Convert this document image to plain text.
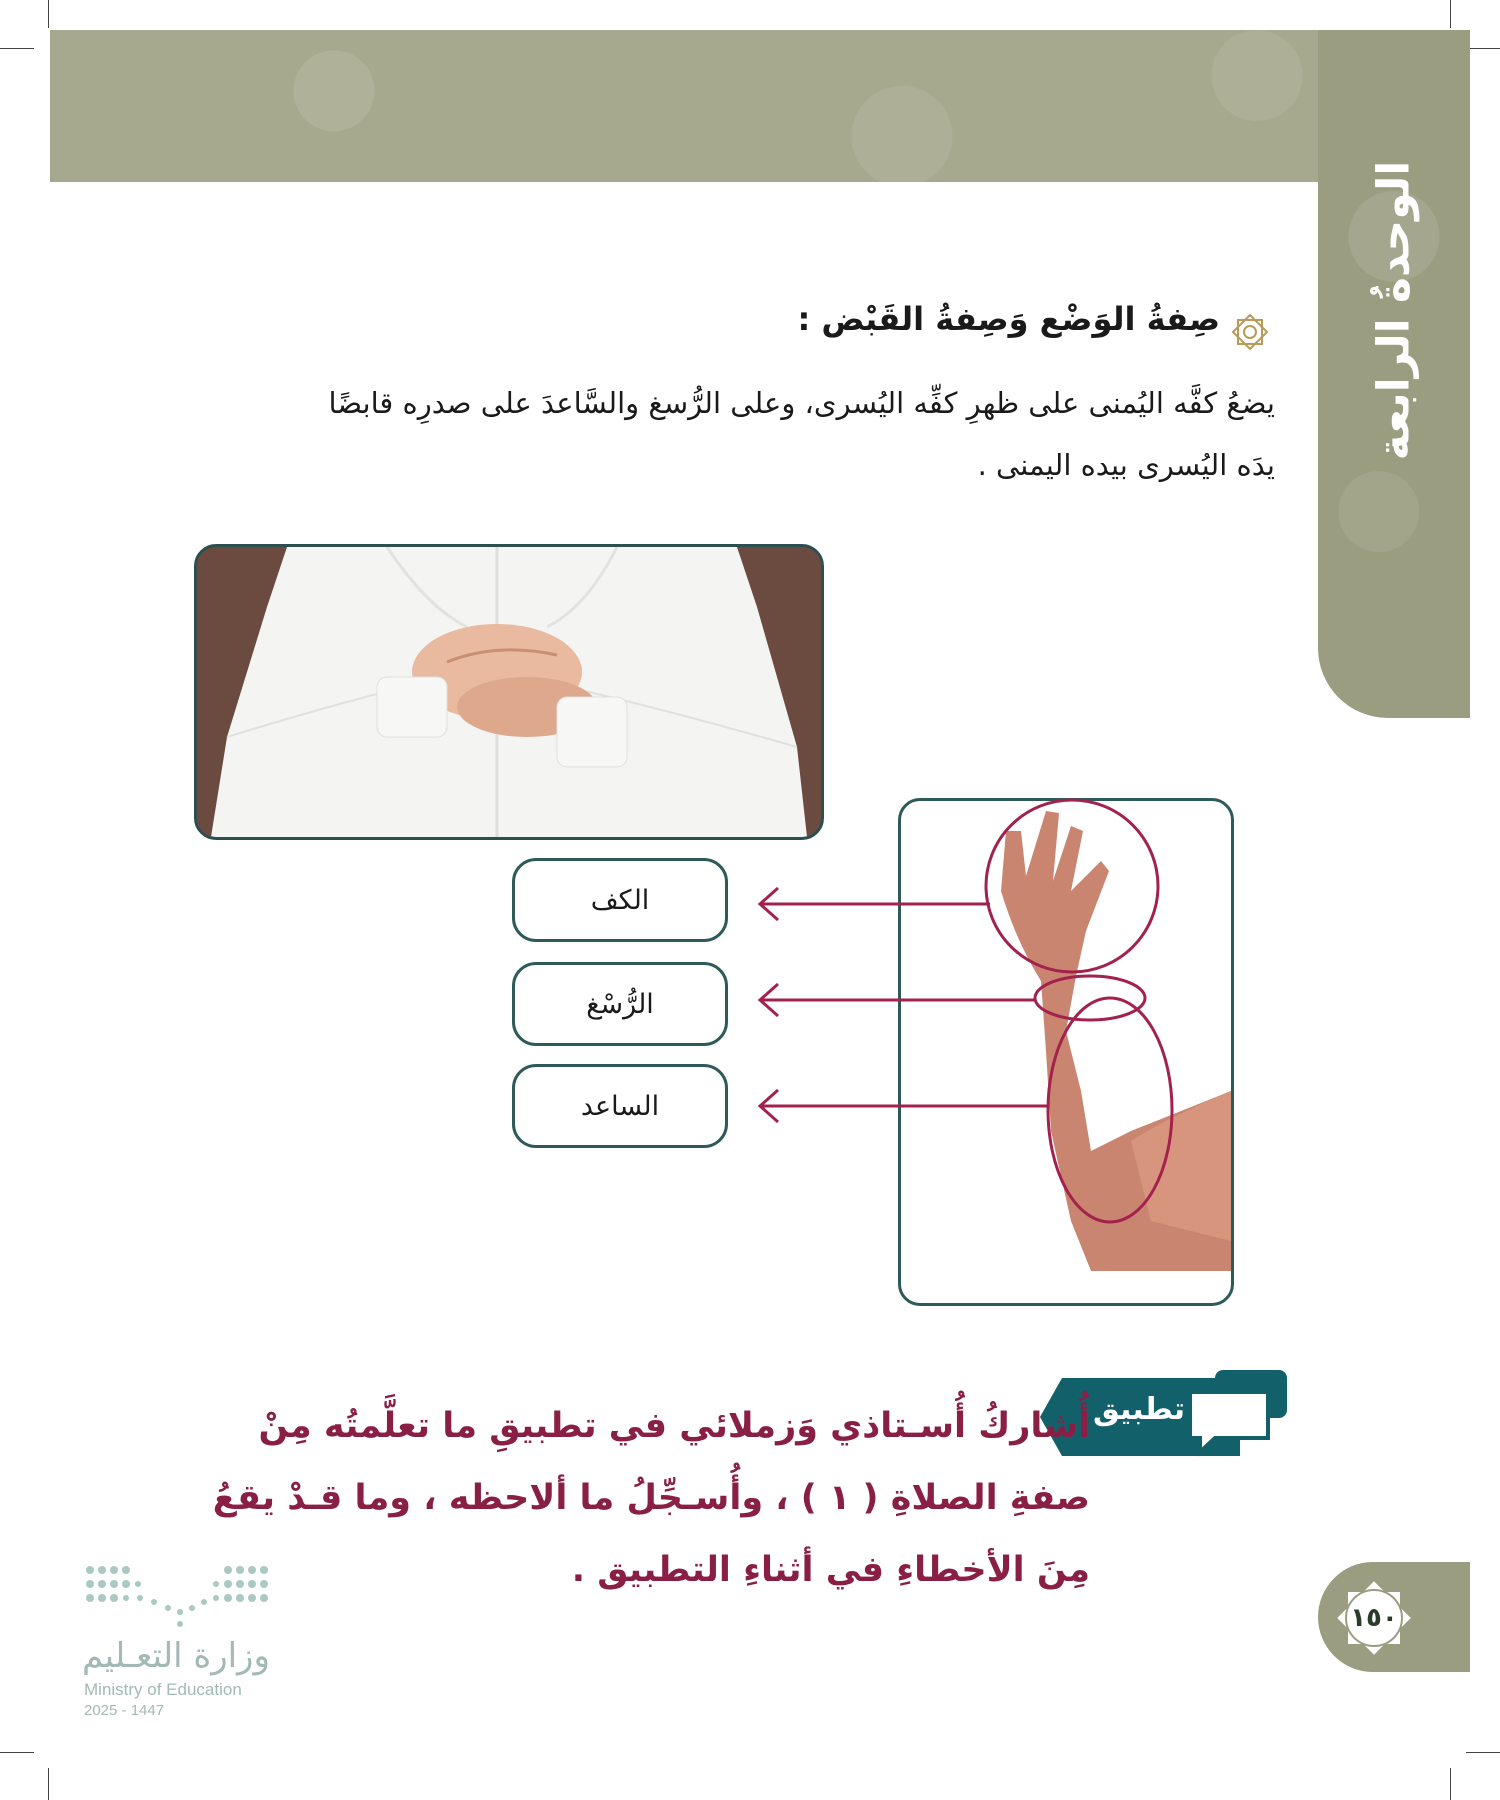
الوحدةُ الرابعة
صِفةُ الوَضْع وَصِفةُ القَبْض :
يضعُ كفَّه اليُمنى على ظهرِ كفِّه اليُسرى، وعلى الرُّسغ والسَّاعدَ على صدرِه قابضًا يدَه اليُسرى بيده اليمنى .
الكف
الرُّسْغ
الساعد
تطبيق
أُشاركُ أُسـتاذي وَزملائي في تطبيقِ ما تعلَّمتُه مِنْ صفةِ الصلاةِ ( ١ ) ، وأُسـجِّلُ ما ألاحظه ، وما قـدْ يقعُ مِنَ الأخطاءِ في أثناءِ التطبيق .
١٥٠
وزارة التعـليم
Ministry of Education
2025 - 1447
